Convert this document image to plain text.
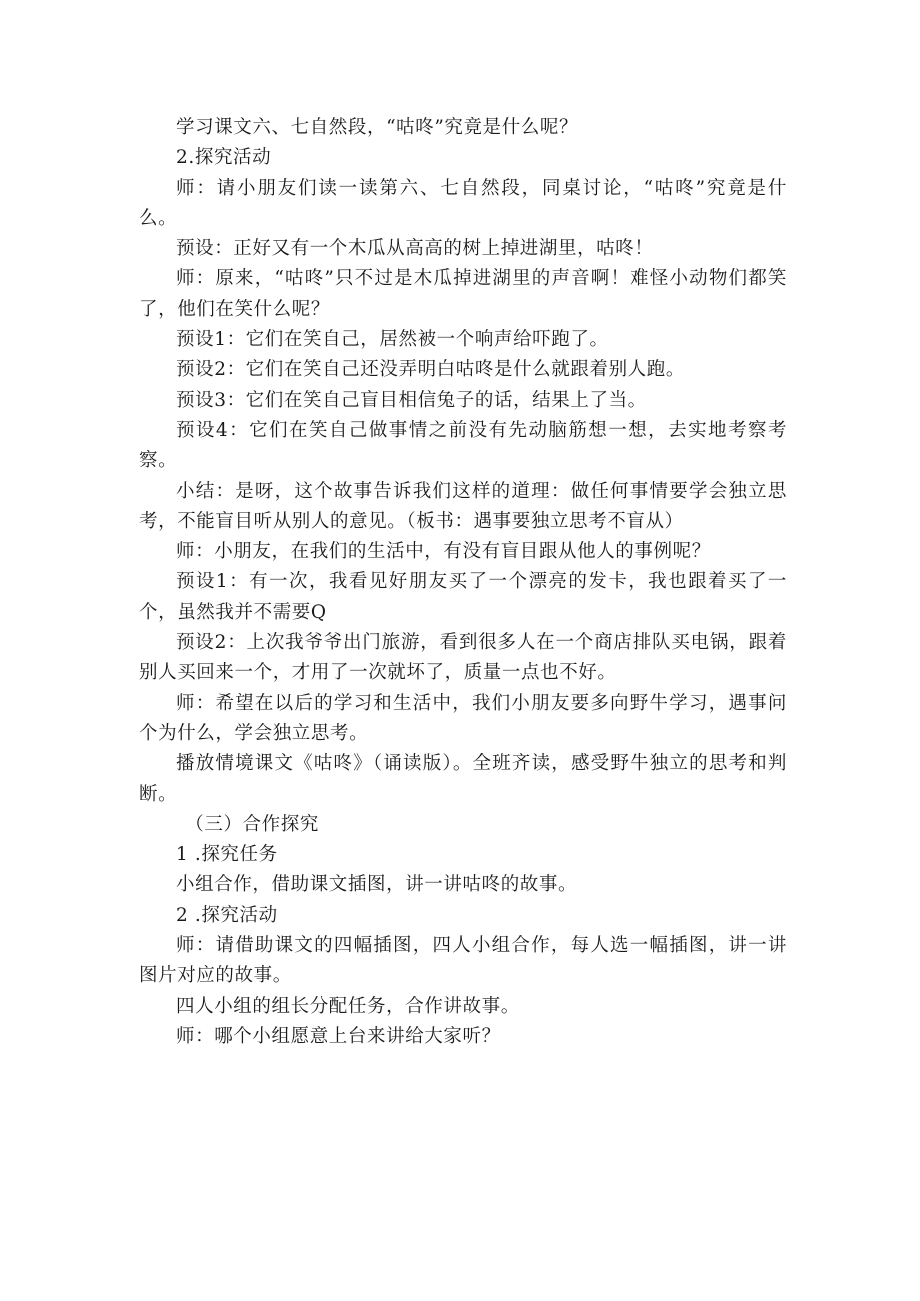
学习课文六、七自然段，“咕咚”究竟是什么呢？

2.探究活动

师：请小朋友们读一读第六、七自然段，同桌讨论，“咕咚”究竟是什么。

预设：正好又有一个木瓜从高高的树上掉进湖里，咕咚！

师：原来，“咕咚”只不过是木瓜掉进湖里的声音啊！难怪小动物们都笑了，他们在笑什么呢？

预设1：它们在笑自己，居然被一个响声给吓跑了。

预设2：它们在笑自己还没弄明白咕咚是什么就跟着别人跑。

预设3：它们在笑自己盲目相信兔子的话，结果上了当。

预设4：它们在笑自己做事情之前没有先动脑筋想一想，去实地考察考察。

小结：是呀，这个故事告诉我们这样的道理：做任何事情要学会独立思考，不能盲目听从别人的意见。（板书：遇事要独立思考不盲从）

师：小朋友，在我们的生活中，有没有盲目跟从他人的事例呢？

预设1：有一次，我看见好朋友买了一个漂亮的发卡，我也跟着买了一个，虽然我并不需要Q

预设2：上次我爷爷出门旅游，看到很多人在一个商店排队买电锅，跟着别人买回来一个，才用了一次就坏了，质量一点也不好。

师：希望在以后的学习和生活中，我们小朋友要多向野牛学习，遇事问个为什么，学会独立思考。

播放情境课文《咕咚》（诵读版）。全班齐读，感受野牛独立的思考和判断。

（三）合作探究

1 .探究任务

小组合作，借助课文插图，讲一讲咕咚的故事。

2 .探究活动

师：请借助课文的四幅插图，四人小组合作，每人选一幅插图，讲一讲图片对应的故事。

四人小组的组长分配任务，合作讲故事。

师：哪个小组愿意上台来讲给大家听？
